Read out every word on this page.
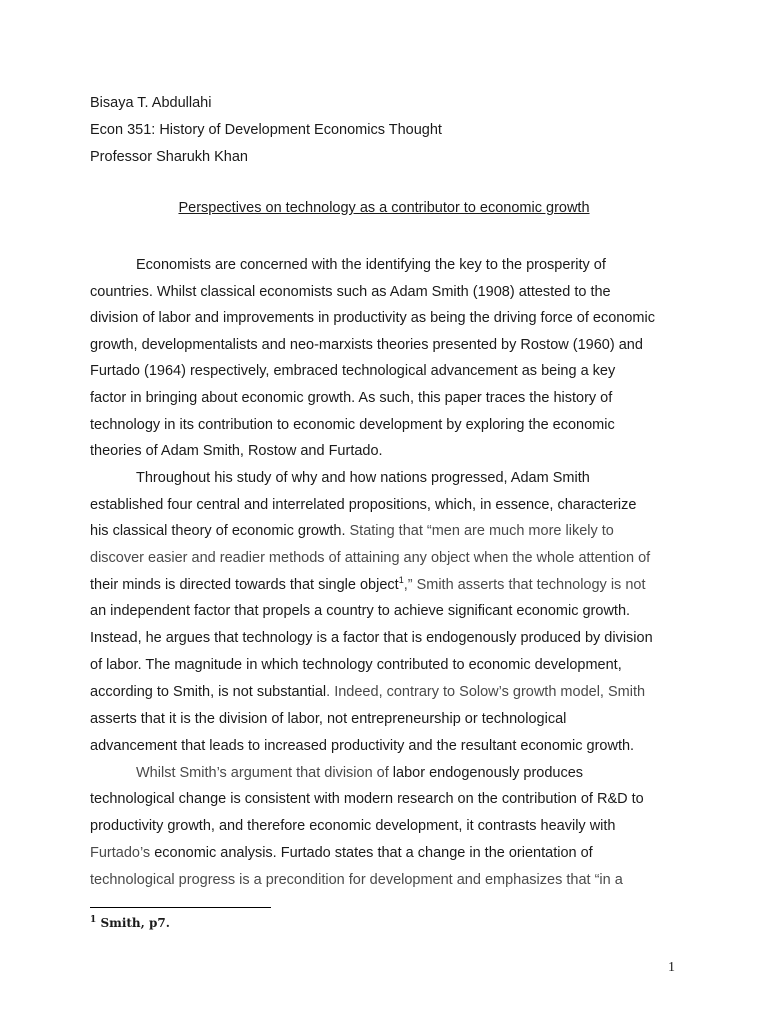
Bisaya T. Abdullahi
Econ 351: History of Development Economics Thought
Professor Sharukh Khan
Perspectives on technology as a contributor to economic growth
Economists are concerned with the identifying the key to the prosperity of
countries. Whilst classical economists such as Adam Smith (1908) attested to the
division of labor and improvements in productivity as being the driving force of economic
growth, developmentalists and neo-marxists theories presented by Rostow (1960) and
Furtado (1964) respectively, embraced technological advancement as being a key
factor in bringing about economic growth. As such, this paper traces the history of
technology in its contribution to economic development by exploring the economic
theories of Adam Smith, Rostow and Furtado.
Throughout his study of why and how nations progressed, Adam Smith
established four central and interrelated propositions, which, in essence, characterize
his classical theory of economic growth. Stating that “men are much more likely to
discover easier and readier methods of attaining any object when the whole attention of
their minds is directed towards that single object$^1$,” Smith asserts that technology is not
an independent factor that propels a country to achieve significant economic growth.
Instead, he argues that technology is a factor that is endogenously produced by division
of labor. The magnitude in which technology contributed to economic development,
according to Smith, is not substantial. Indeed, contrary to Solow’s growth model, Smith
asserts that it is the division of labor, not entrepreneurship or technological
advancement that leads to increased productivity and the resultant economic growth.
Whilst Smith’s argument that division of labor endogenously produces
technological change is consistent with modern research on the contribution of R&D to
productivity growth, and therefore economic development, it contrasts heavily with
Furtado’s economic analysis. Furtado states that a change in the orientation of
technological progress is a precondition for development and emphasizes that “in a
$^1$ Smith, p7.
1
